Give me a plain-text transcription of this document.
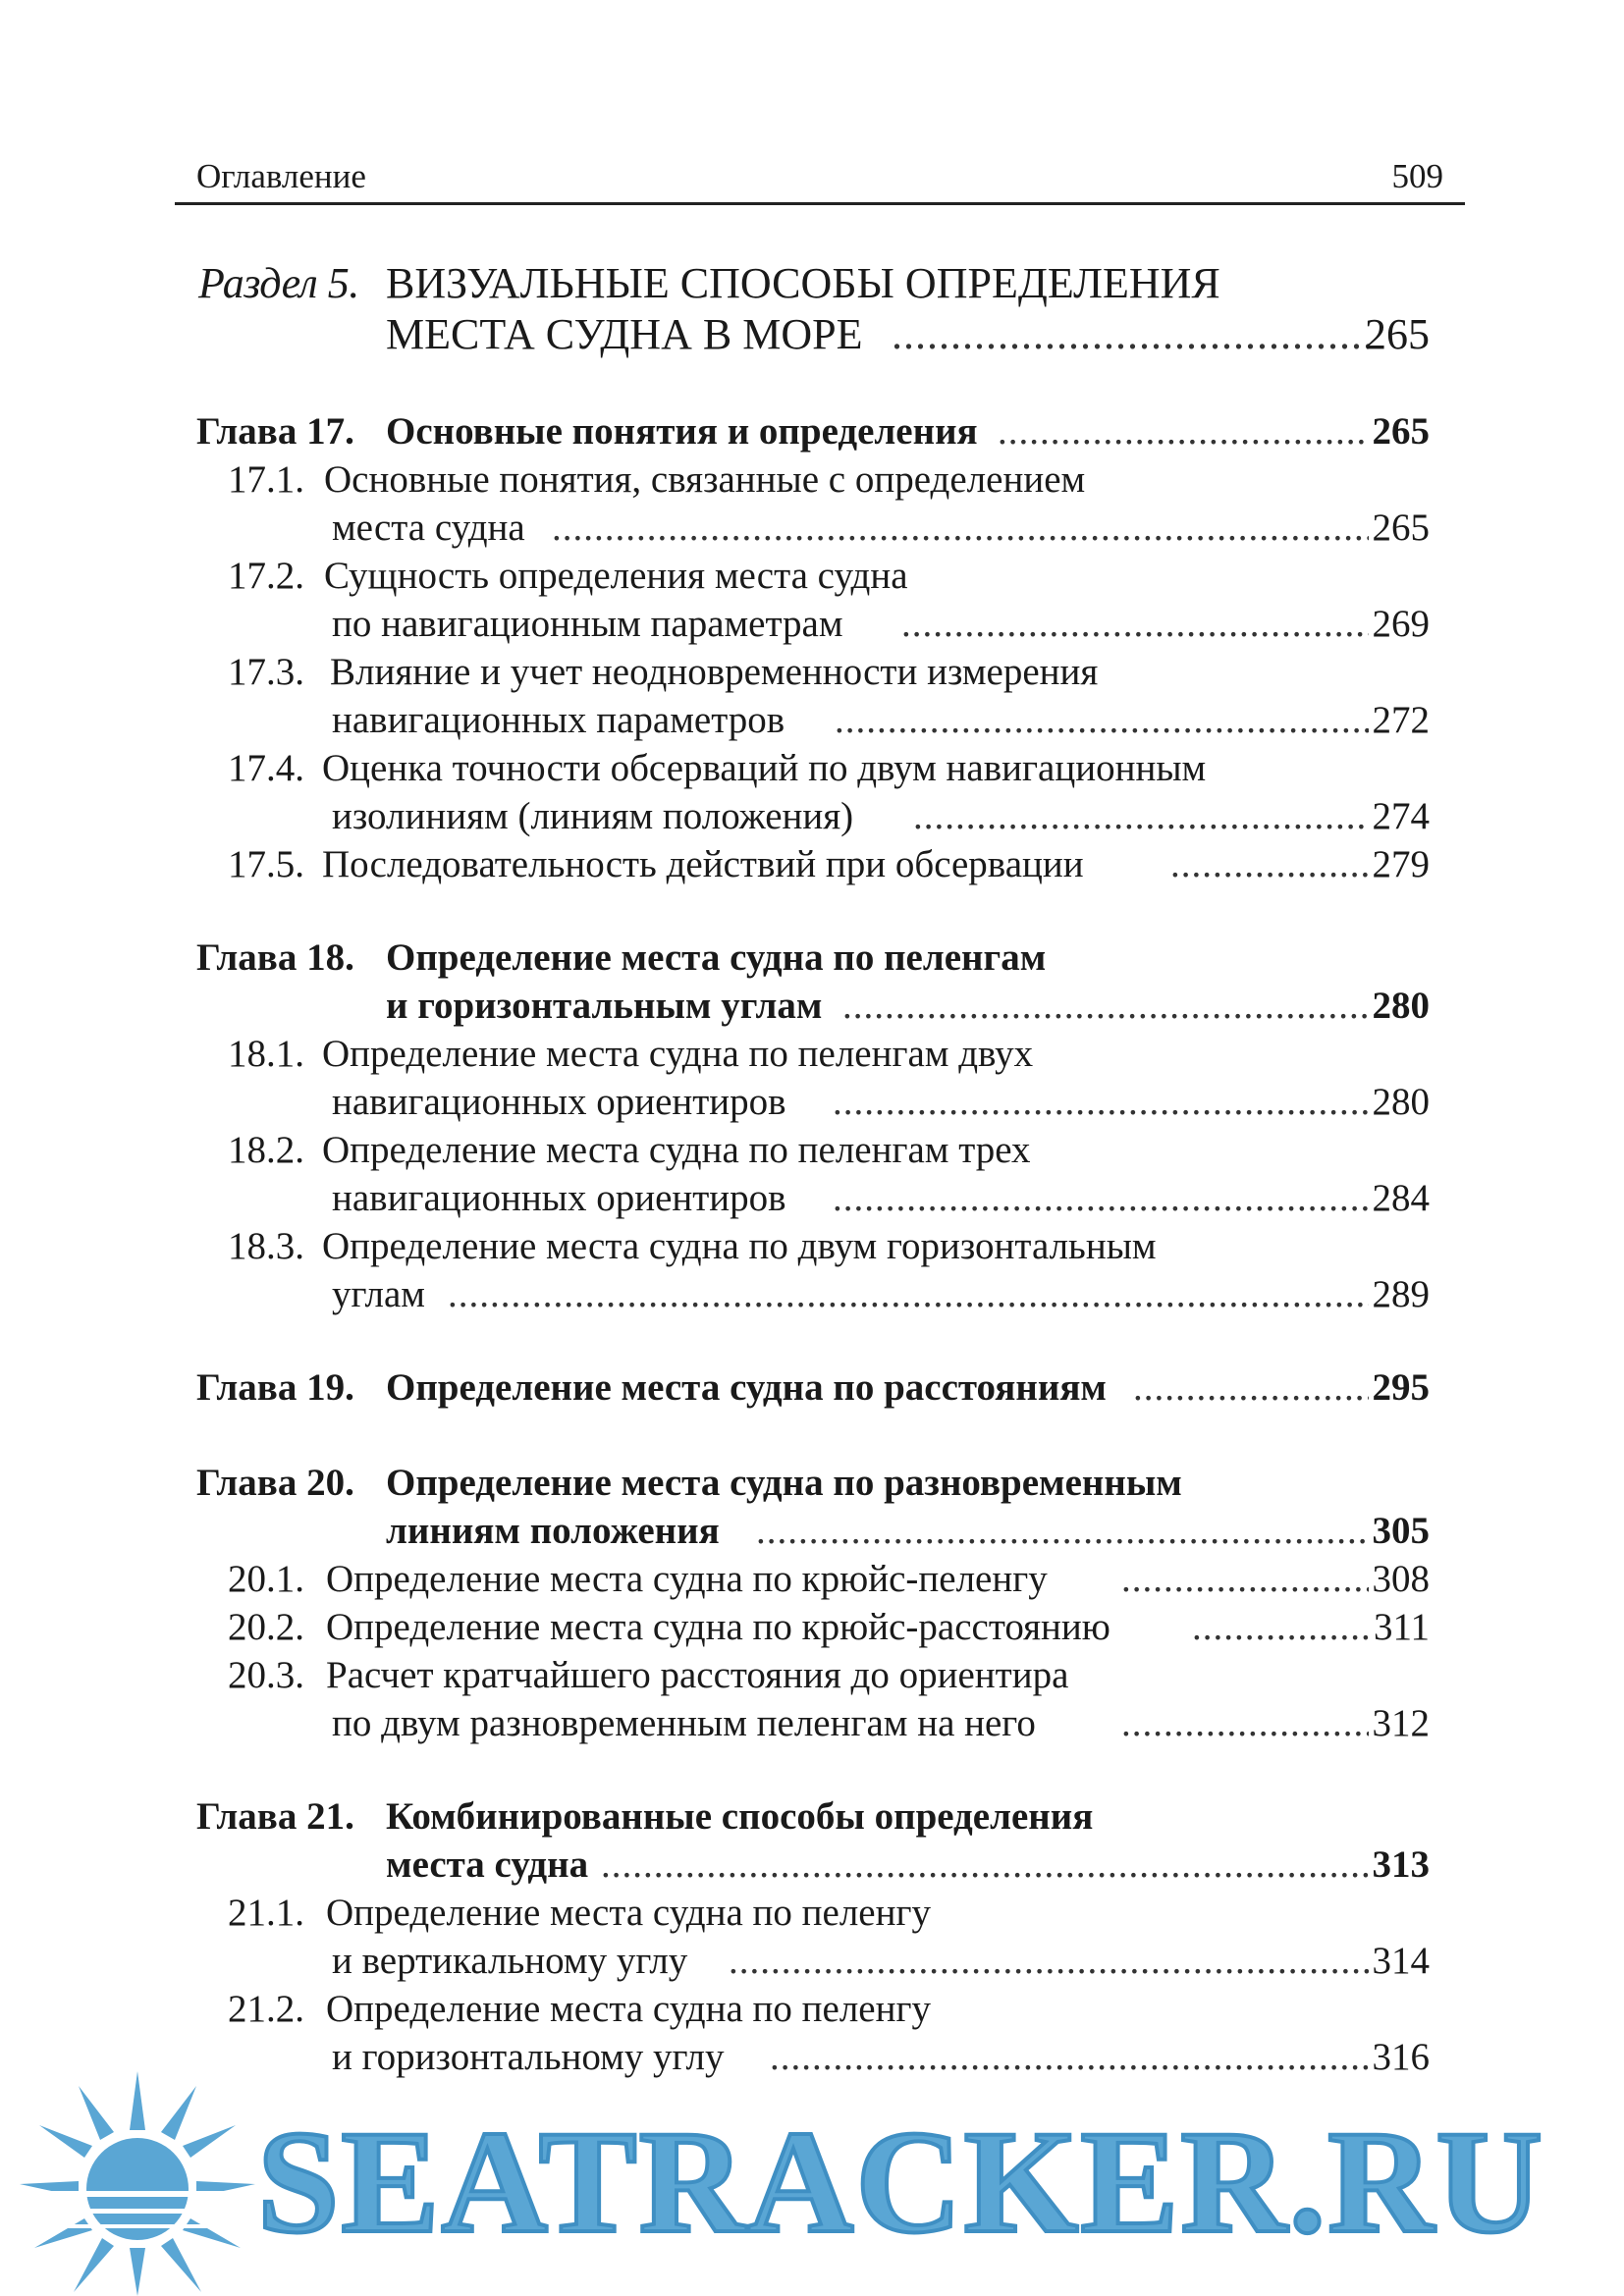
Оглавление	509
Раздел 5. ВИЗУАЛЬНЫЕ СПОСОБЫ ОПРЕДЕЛЕНИЯ
МЕСТА СУДНА В МОРЕ .....	265
Глава 17. Основные понятия и определения .....	265
17.1. Основные понятия, связанные с определением
места судна .....	265
17.2. Сущность определения места судна
по навигационным параметрам .....	269
17.3. Влияние и учет неодновременности измерения
навигационных параметров .....	272
17.4. Оценка точности обсерваций по двум навигационным
изолиниям (линиям положения) .....	274
17.5. Последовательность действий при обсервации .....	279
Глава 18. Определение места судна по пеленгам
и горизонтальным углам .....	280
18.1. Определение места судна по пеленгам двух
навигационных ориентиров .....	280
18.2. Определение места судна по пеленгам трех
навигационных ориентиров .....	284
18.3. Определение места судна по двум горизонтальным
углам .....	289
Глава 19. Определение места судна по расстояниям .....	295
Глава 20. Определение места судна по разновременным
линиям положения .....	305
20.1. Определение места судна по крюйс-пеленгу .....	308
20.2. Определение места судна по крюйс-расстоянию .....	311
20.3. Расчет кратчайшего расстояния до ориентира
по двум разновременным пеленгам на него .....	312
Глава 21. Комбинированные способы определения
места судна .....	313
21.1. Определение места судна по пеленгу
и вертикальному углу .....	314
21.2. Определение места судна по пеленгу
и горизонтальному углу .....	316
SEATRACKER.RU
